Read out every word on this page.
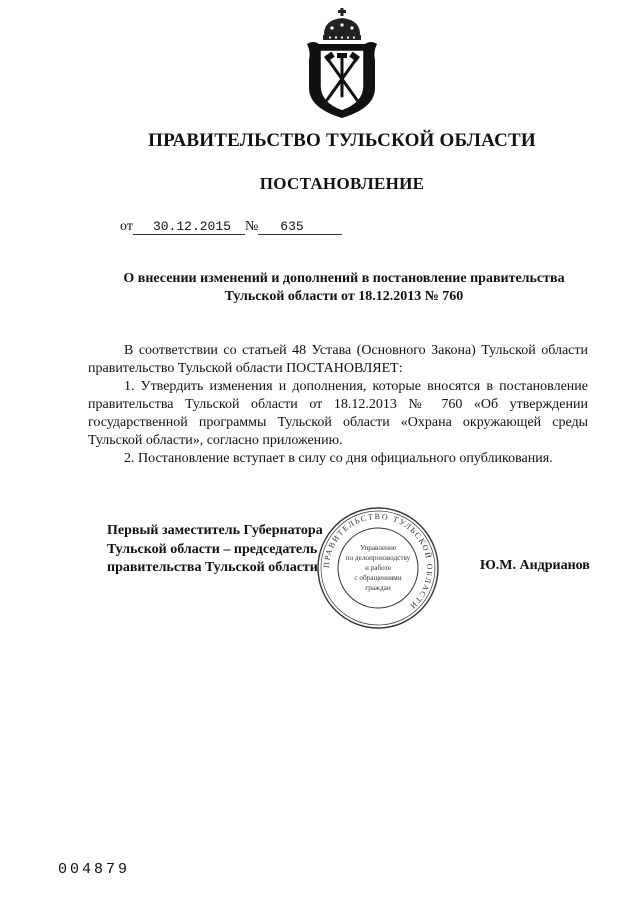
ПРАВИТЕЛЬСТВО ТУЛЬСКОЙ ОБЛАСТИ
ПОСТАНОВЛЕНИЕ
от 30.12.2015 № 635
О внесении изменений и дополнений в постановление правительства
Тульской области от 18.12.2013 № 760

В соответствии со статьей 48 Устава (Основного Закона) Тульской области правительство Тульской области ПОСТАНОВЛЯЕТ:

1. Утвердить изменения и дополнения, которые вносятся в постановление правительства Тульской области от 18.12.2013 № 760 «Об утверждении государственной программы Тульской области «Охрана окружающей среды Тульской области», согласно приложению.

2. Постановление вступает в силу со дня официального опубликования.

Первый заместитель Губернатора
Тульской области – председатель
правительства Тульской области ПРАВИТЕЛЬСТВО ТУЛЬСКОЙ ОБЛАСТИ
Управление
по делопроизводству
и работе
с обращениями
граждан
Ю.М. Андрианов
004879
